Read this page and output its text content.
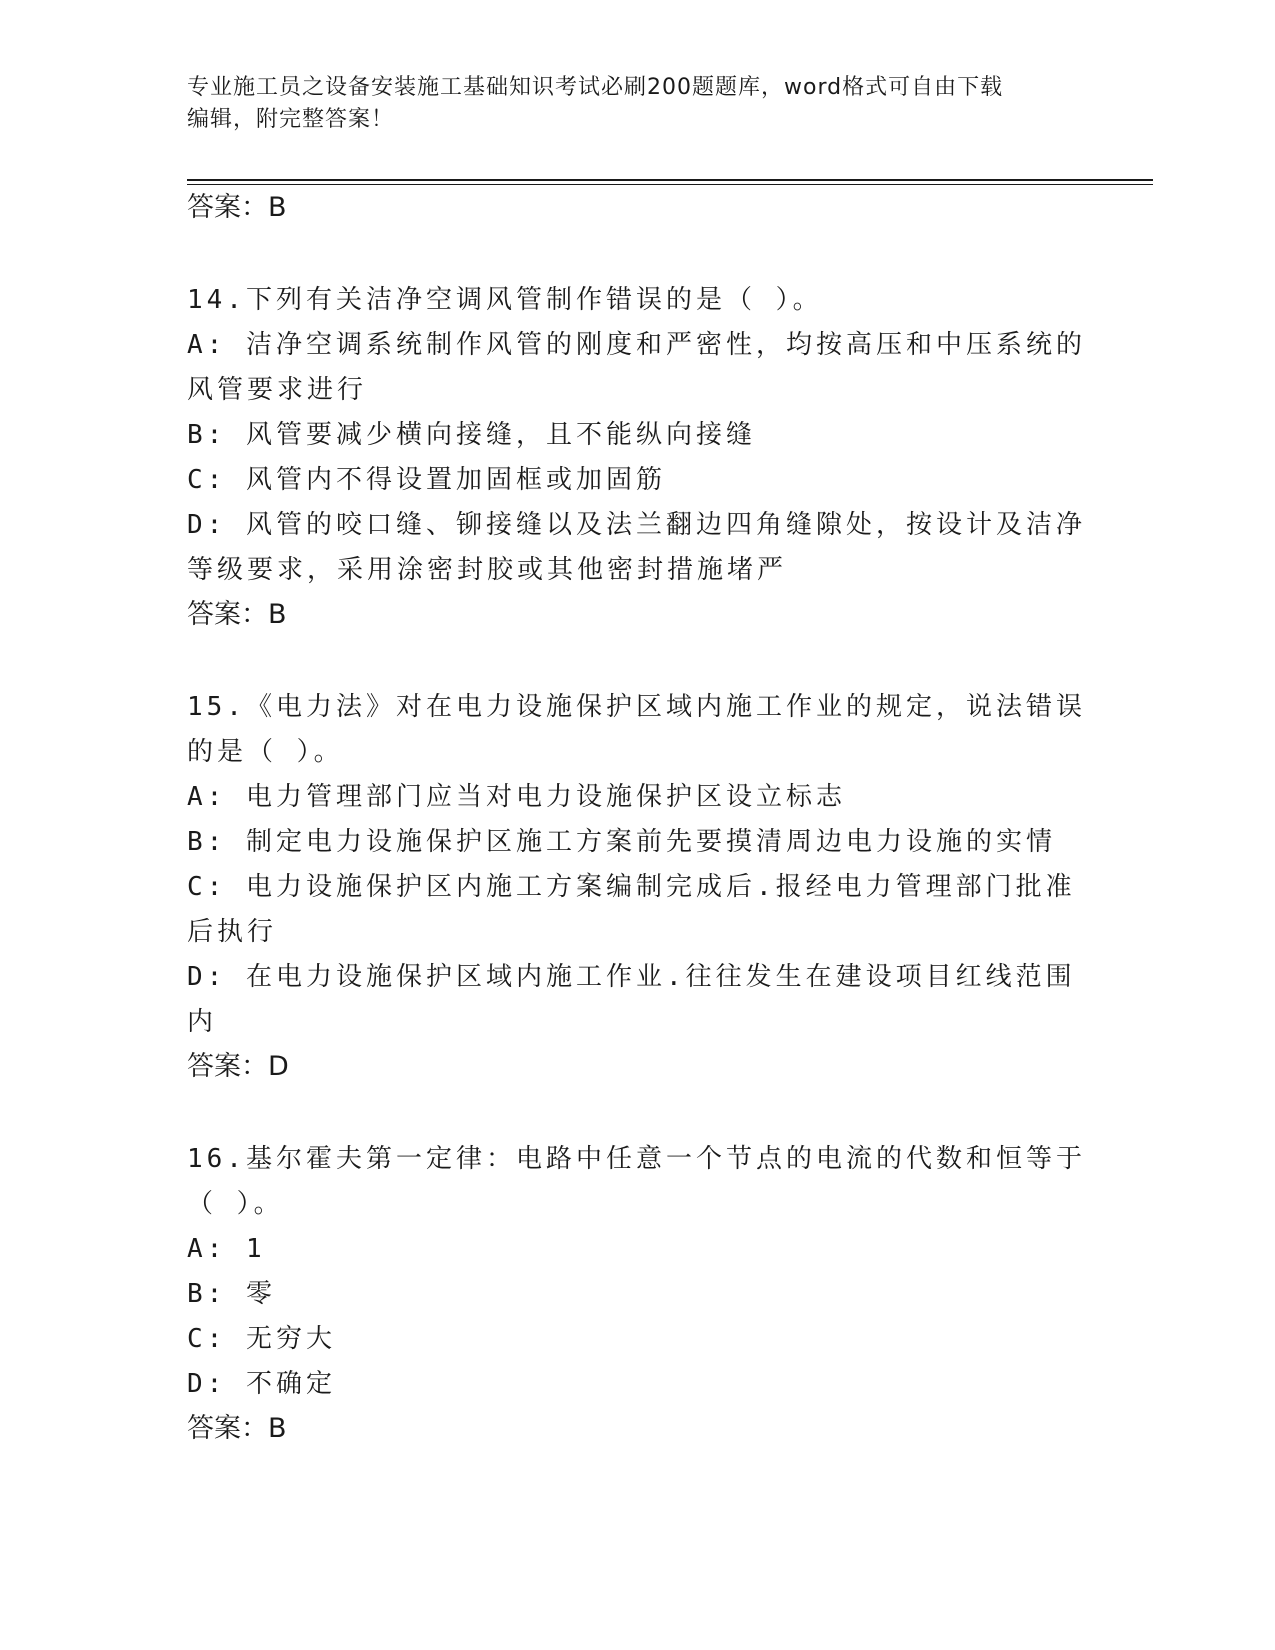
专业施工员之设备安装施工基础知识考试必刷200题题库，word格式可自由下载
编辑，附完整答案！
答案：B

14.下列有关洁净空调风管制作错误的是（ ）。

A: 洁净空调系统制作风管的刚度和严密性，均按高压和中压系统的风管要求进行

B: 风管要减少横向接缝，且不能纵向接缝

C: 风管内不得设置加固框或加固筋

D: 风管的咬口缝、铆接缝以及法兰翻边四角缝隙处，按设计及洁净等级要求，采用涂密封胶或其他密封措施堵严

答案：B

15.《电力法》对在电力设施保护区域内施工作业的规定，说法错误的是（ ）。

A: 电力管理部门应当对电力设施保护区设立标志

B: 制定电力设施保护区施工方案前先要摸清周边电力设施的实情

C: 电力设施保护区内施工方案编制完成后.报经电力管理部门批准后执行

D: 在电力设施保护区域内施工作业.往往发生在建设项目红线范围内

答案：D

16.基尔霍夫第一定律：电路中任意一个节点的电流的代数和恒等于（ ）。

A: 1

B: 零

C: 无穷大

D: 不确定

答案：B
